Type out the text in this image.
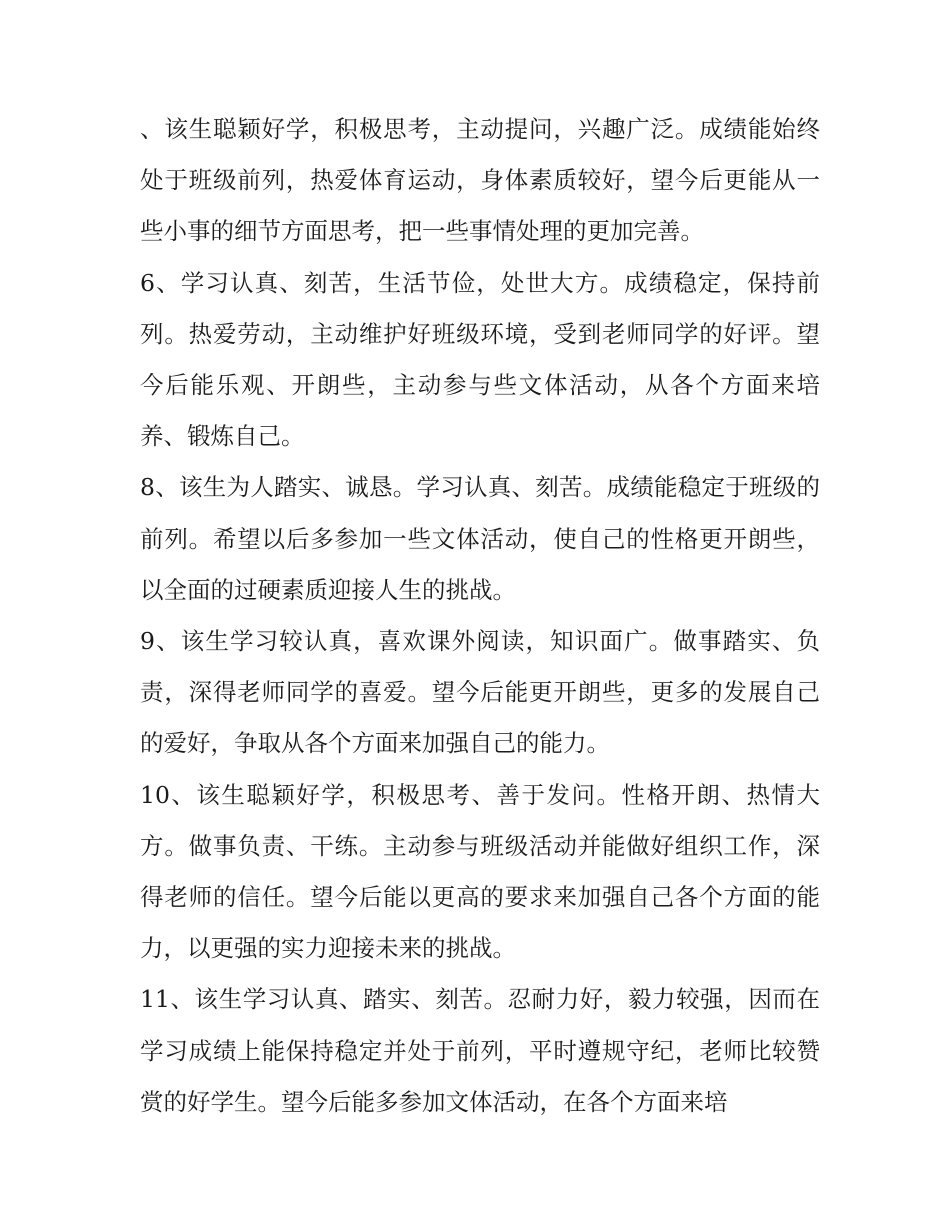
、该生聪颖好学，积极思考，主动提问，兴趣广泛。成绩能始终处于班级前列，热爱体育运动，身体素质较好，望今后更能从一些小事的细节方面思考，把一些事情处理的更加完善。

6、学习认真、刻苦，生活节俭，处世大方。成绩稳定，保持前列。热爱劳动，主动维护好班级环境，受到老师同学的好评。望今后能乐观、开朗些，主动参与些文体活动，从各个方面来培养、锻炼自己。

8、该生为人踏实、诚恳。学习认真、刻苦。成绩能稳定于班级的前列。希望以后多参加一些文体活动，使自己的性格更开朗些，以全面的过硬素质迎接人生的挑战。

9、该生学习较认真，喜欢课外阅读，知识面广。做事踏实、负责，深得老师同学的喜爱。望今后能更开朗些，更多的发展自己的爱好，争取从各个方面来加强自己的能力。

10、该生聪颖好学，积极思考、善于发问。性格开朗、热情大方。做事负责、干练。主动参与班级活动并能做好组织工作，深得老师的信任。望今后能以更高的要求来加强自己各个方面的能力，以更强的实力迎接未来的挑战。

11、该生学习认真、踏实、刻苦。忍耐力好，毅力较强，因而在学习成绩上能保持稳定并处于前列，平时遵规守纪，老师比较赞赏的好学生。望今后能多参加文体活动，在各个方面来培
